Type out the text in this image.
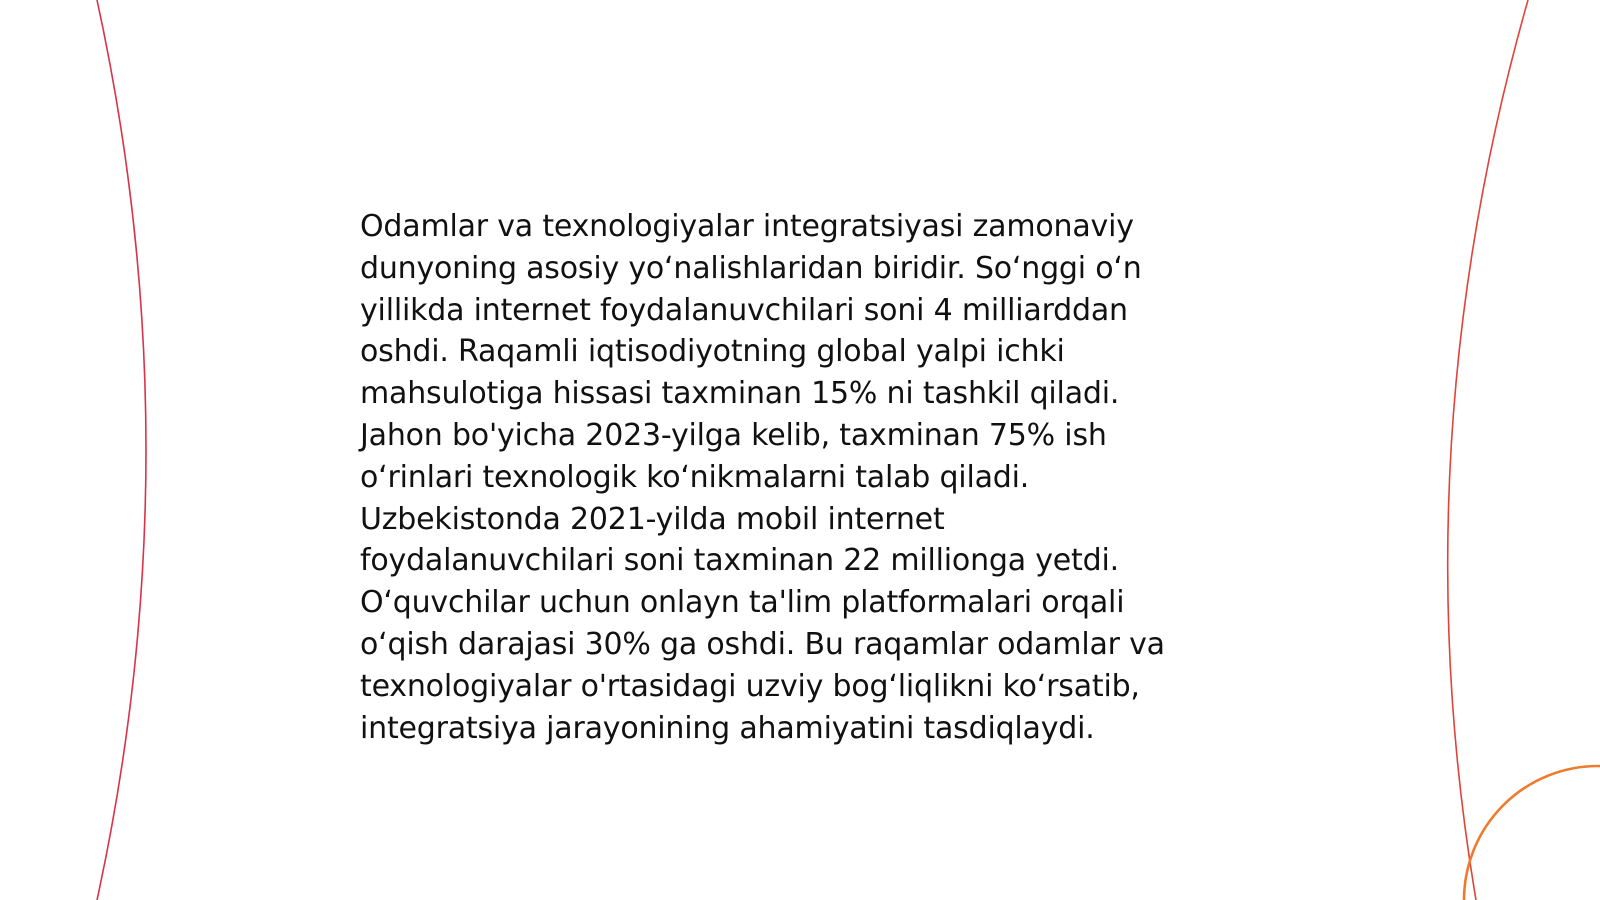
Odamlar va texnologiyalar integratsiyasi zamonaviy
dunyoning asosiy yo‘nalishlaridan biridir. So‘nggi o‘n
yillikda internet foydalanuvchilari soni 4 milliarddan
oshdi. Raqamli iqtisodiyotning global yalpi ichki
mahsulotiga hissasi taxminan 15% ni tashkil qiladi.
Jahon bo'yicha 2023-yilga kelib, taxminan 75% ish
o‘rinlari texnologik ko‘nikmalarni talab qiladi.
Uzbekistonda 2021-yilda mobil internet
foydalanuvchilari soni taxminan 22 millionga yetdi.
O‘quvchilar uchun onlayn ta'lim platformalari orqali
o‘qish darajasi 30% ga oshdi. Bu raqamlar odamlar va
texnologiyalar o'rtasidagi uzviy bog‘liqlikni ko‘rsatib,
integratsiya jarayonining ahamiyatini tasdiqlaydi.
